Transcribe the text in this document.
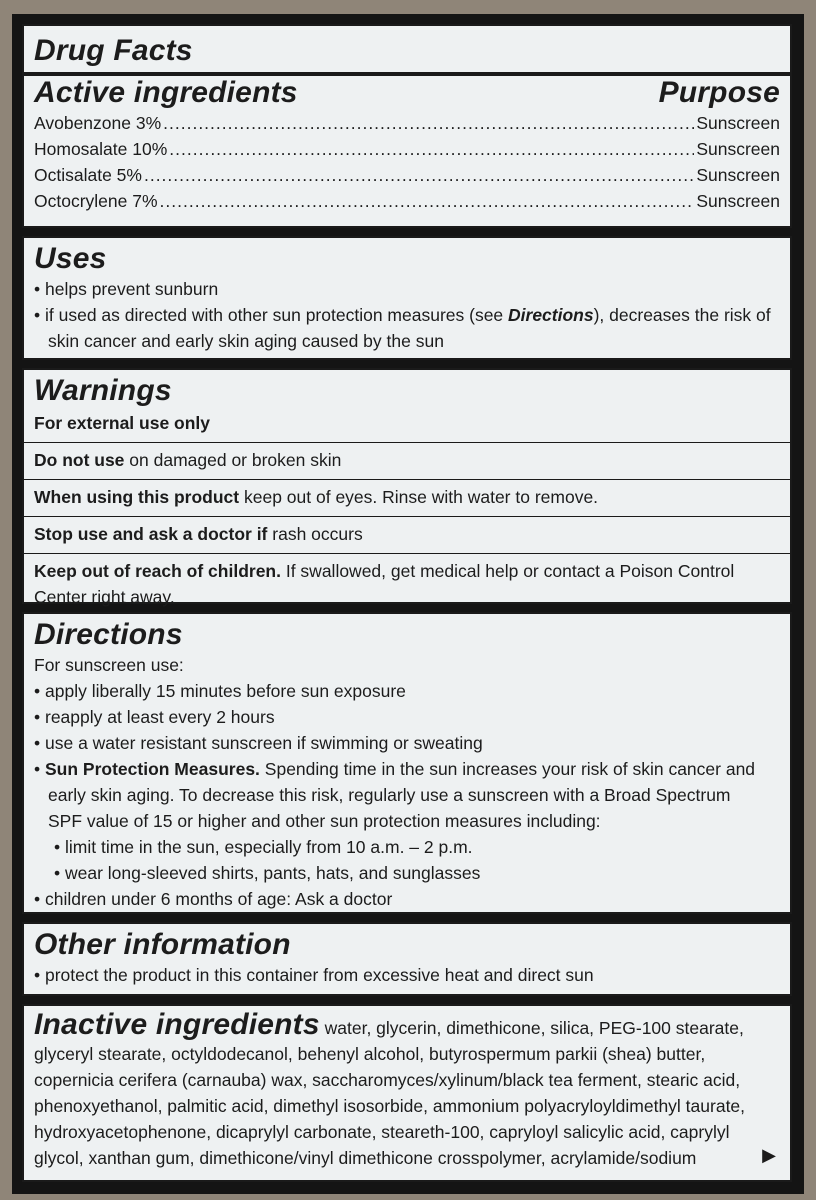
Drug Facts
Active ingredients	Purpose
Avobenzone 3% .....	Sunscreen
Homosalate 10% .....	Sunscreen
Octisalate 5% .....	Sunscreen
Octocrylene 7% .....	Sunscreen
Uses
• helps prevent sunburn
• if used as directed with other sun protection measures (see Directions), decreases the risk of skin cancer and early skin aging caused by the sun
Warnings
For external use only
Do not use on damaged or broken skin
When using this product keep out of eyes. Rinse with water to remove.
Stop use and ask a doctor if rash occurs
Keep out of reach of children. If swallowed, get medical help or contact a Poison Control Center right away.
Directions
For sunscreen use:
• apply liberally 15 minutes before sun exposure
• reapply at least every 2 hours
• use a water resistant sunscreen if swimming or sweating
• Sun Protection Measures. Spending time in the sun increases your risk of skin cancer and early skin aging. To decrease this risk, regularly use a sunscreen with a Broad Spectrum SPF value of 15 or higher and other sun protection measures including:
• limit time in the sun, especially from 10 a.m. – 2 p.m.
• wear long-sleeved shirts, pants, hats, and sunglasses
• children under 6 months of age: Ask a doctor
Other information
• protect the product in this container from excessive heat and direct sun
Inactive ingredients water, glycerin, dimethicone, silica, PEG-100 stearate, glyceryl stearate, octyldodecanol, behenyl alcohol, butyrospermum parkii (shea) butter, copernicia cerifera (carnauba) wax, saccharomyces/xylinum/black tea ferment, stearic acid, phenoxyethanol, palmitic acid, dimethyl isosorbide, ammonium polyacryloyldimethyl taurate, hydroxyacetophenone, dicaprylyl carbonate, steareth-100, capryloyl salicylic acid, caprylyl glycol, xanthan gum, dimethicone/vinyl dimethicone crosspolymer, acrylamide/sodium	▶
